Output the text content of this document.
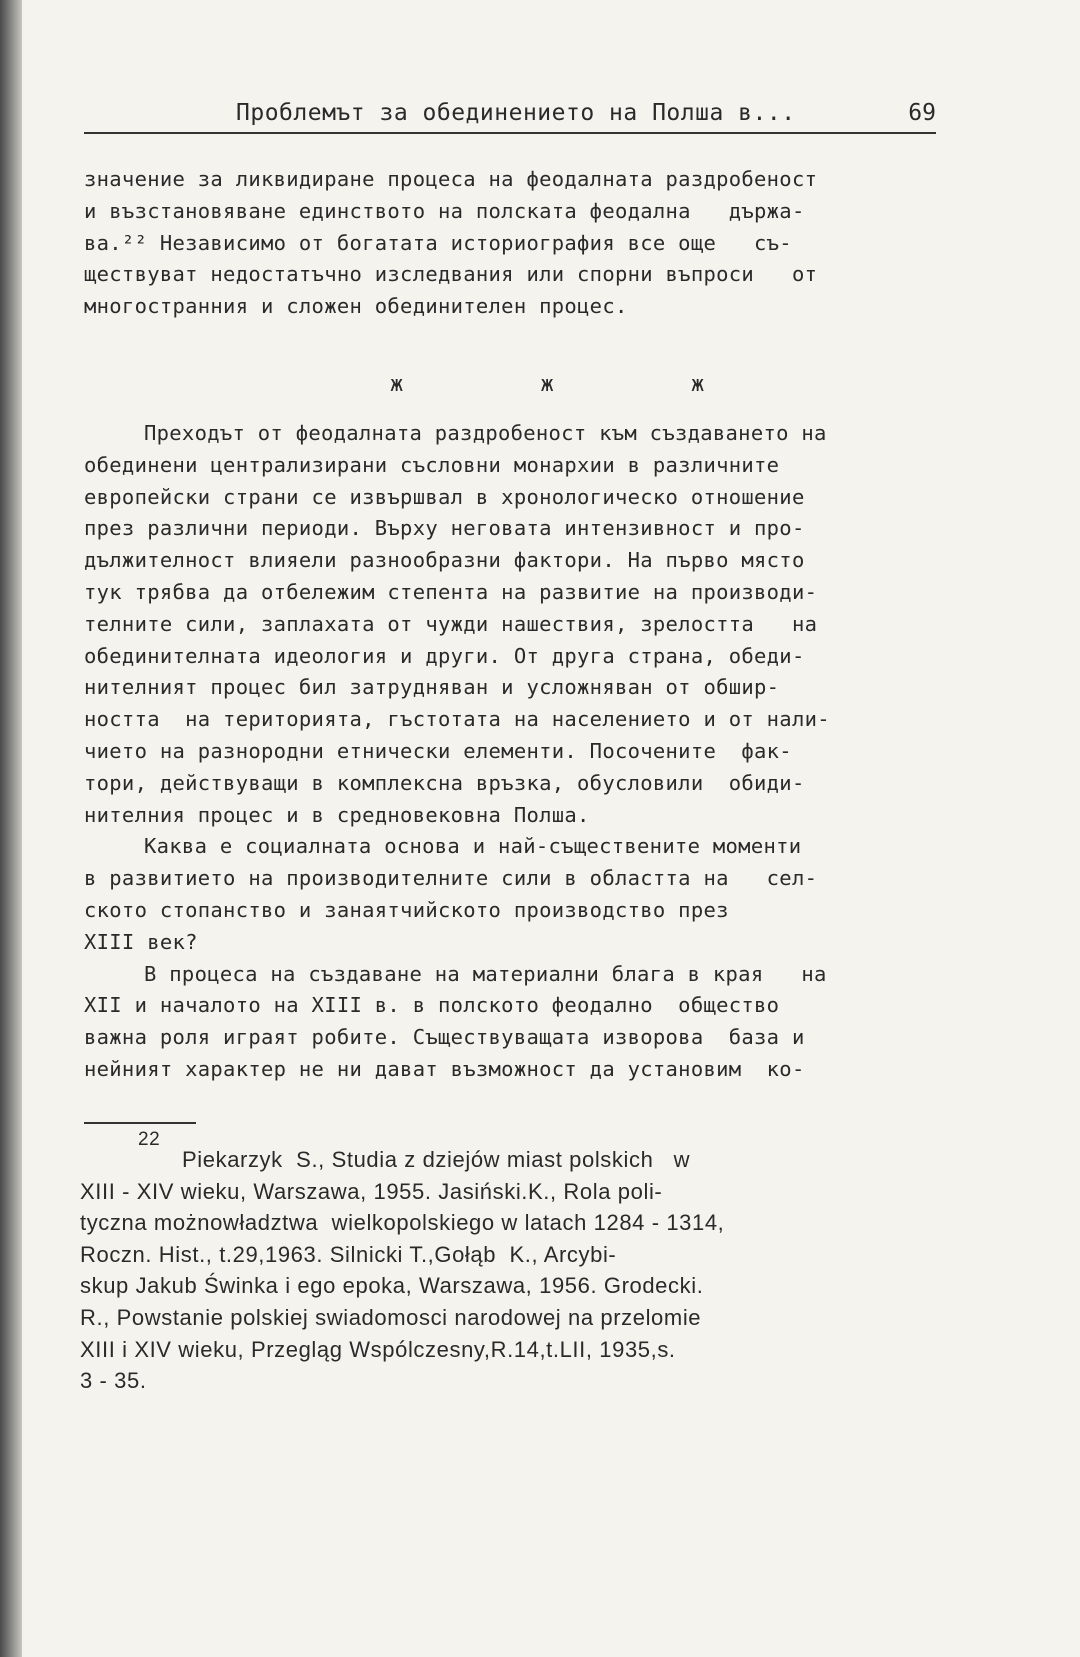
Проблемът за обединението на Полша в...	69
значение за ликвидиране процеса на феодалната раздробеност
и възстановяване единството на полската феодална   държа-
ва.²² Независимо от богатата историография все още   съ-
ществуват недостатъчно изследвания или спорни въпроси   от
многостранния и сложен обединителен процес.
ж ж ж
Преходът от феодалната раздробеност към създаването на
обединени централизирани съсловни монархии в различните
европейски страни се извършвал в хронологическо отношение
през различни периоди. Върху неговата интензивност и про-
дължителност влияели разнообразни фактори. На първо място
тук трябва да отбележим степента на развитие на производи-
телните сили, заплахата от чужди нашествия, зрелостта   на
обединителната идеология и други. От друга страна, обеди-
нителният процес бил затрудняван и усложняван от обшир-
ността  на територията, гъстотата на населението и от нали-
чието на разнородни етнически елементи. Посочените  фак-
тори, действуващи в комплексна връзка, обусловили  обиди-
нителния процес и в средновековна Полша.
Каква е социалната основа и най-съществените моменти
в развитието на производителните сили в областта на   сел-
ското стопанство и занаятчийското производство през
XIII век?
В процеса на създаване на материални блага в края   на
XII и началото на XIII в. в полското феодално  общество
важна роля играят робите. Съществуващата изворова  база и
нейният характер не ни дават възможност да установим  ко-
22
Piekarzyk  S., Studia z dziejów miast polskich   w
XIII - XIV wieku, Warszawa, 1955. Jasiński.K., Rola poli-
tyczna możnowładztwa  wielkopolskiego w latach 1284 - 1314,
Roczn. Hist., t.29,1963. Silnicki T.,Gołąb  K., Arcybi-
skup Jakub Świnka i ego epoka, Warszawa, 1956. Grodecki.
R., Powstanie polskiej swiadomosci narodowej na przelomie
XIII i XIV wieku, Przegląg Wspólczesny,R.14,t.LII, 1935,s.
3 - 35.
